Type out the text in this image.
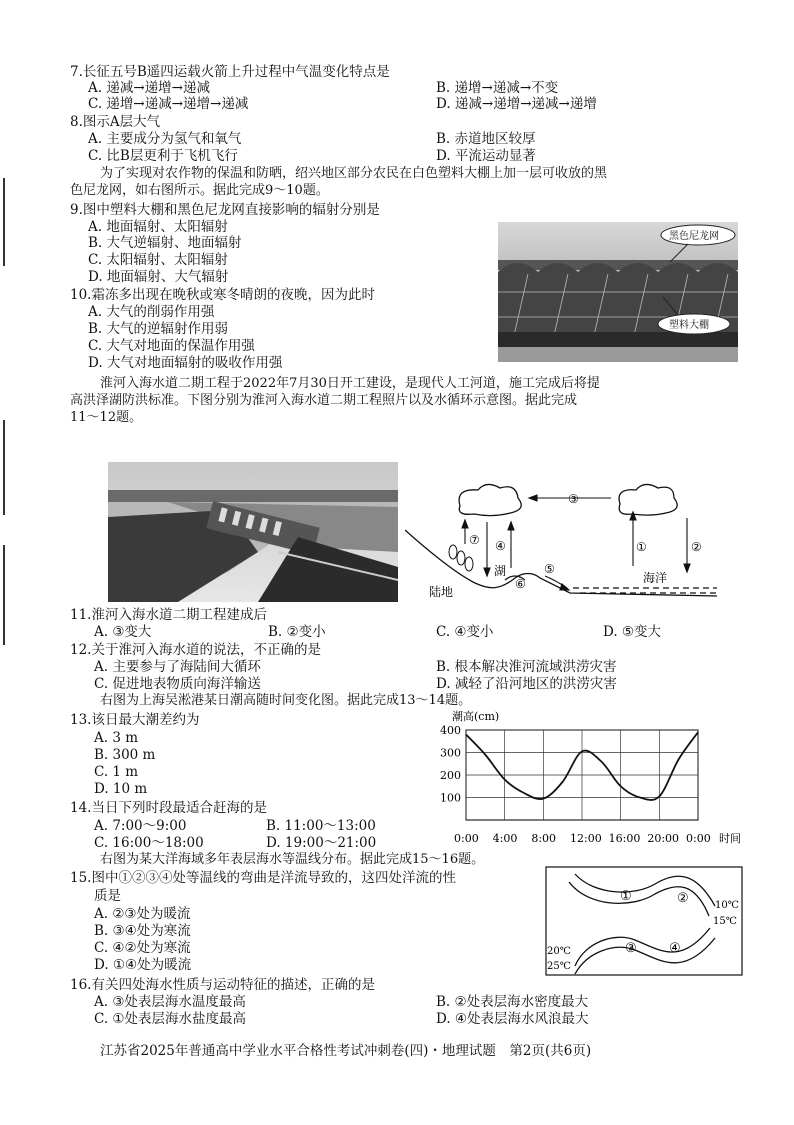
7.长征五号B遥四运载火箭上升过程中气温变化特点是
A. 递减→递增→递减	B. 递增→递减→不变
C. 递增→递减→递增→递减	D. 递减→递增→递减→递增
8.图示A层大气
A. 主要成分为氢气和氧气	B. 赤道地区较厚
C. 比B层更利于飞机飞行	D. 平流运动显著
为了实现对农作物的保温和防晒，绍兴地区部分农民在白色塑料大棚上加一层可收放的黑
色尼龙网，如右图所示。据此完成9～10题。
9.图中塑料大棚和黑色尼龙网直接影响的辐射分别是
A. 地面辐射、太阳辐射
B. 大气逆辐射、地面辐射
C. 太阳辐射、太阳辐射
D. 地面辐射、大气辐射
10.霜冻多出现在晚秋或寒冬晴朗的夜晚，因为此时
A. 大气的削弱作用强
B. 大气的逆辐射作用弱
C. 大气对地面的保温作用强
D. 大气对地面辐射的吸收作用强
黑色尼龙网
塑料大棚
淮河入海水道二期工程于2022年7月30日开工建设，是现代人工河道，施工完成后将提
高洪泽湖防洪标准。下图分别为淮河入海水道二期工程照片以及水循环示意图。据此完成
11～12题。
③
①	②
④
⑦
⑤
⑥
陆地
湖	海洋
11.淮河入海水道二期工程建成后
A. ③变大	B. ②变小	C. ④变小	D. ⑤变大
12.关于淮河入海水道的说法，不正确的是
A. 主要参与了海陆间大循环	B. 根本解决淮河流域洪涝灾害
C. 促进地表物质向海洋输送	D. 减轻了沿河地区的洪涝灾害
右图为上海吴淞港某日潮高随时间变化图。据此完成13～14题。
13.该日最大潮差约为
A. 3 m
B. 300 m
C. 1 m
D. 10 m
14.当日下列时段最适合赶海的是
A. 7:00～9:00	B. 11:00～13:00
C. 16:00～18:00	D. 19:00～21:00
潮高(cm)
100
200
300
400
0:00 4:00 8:00 12:00 16:00 20:00 0:00 时间
右图为某大洋海域多年表层海水等温线分布。据此完成15～16题。
15.图中①②③④处等温线的弯曲是洋流导致的，这四处洋流的性
质是
A. ②③处为暖流
B. ③④处为寒流
C. ④②处为寒流
D. ①④处为暖流
①	②
③ ④
10℃
15℃
20℃
25℃
16.有关四处海水性质与运动特征的描述，正确的是
A. ③处表层海水温度最高	B. ②处表层海水密度最大
C. ①处表层海水盐度最高	D. ④处表层海水风浪最大
江苏省2025年普通高中学业水平合格性考试冲刺卷(四)・地理试题　第2页(共6页)
